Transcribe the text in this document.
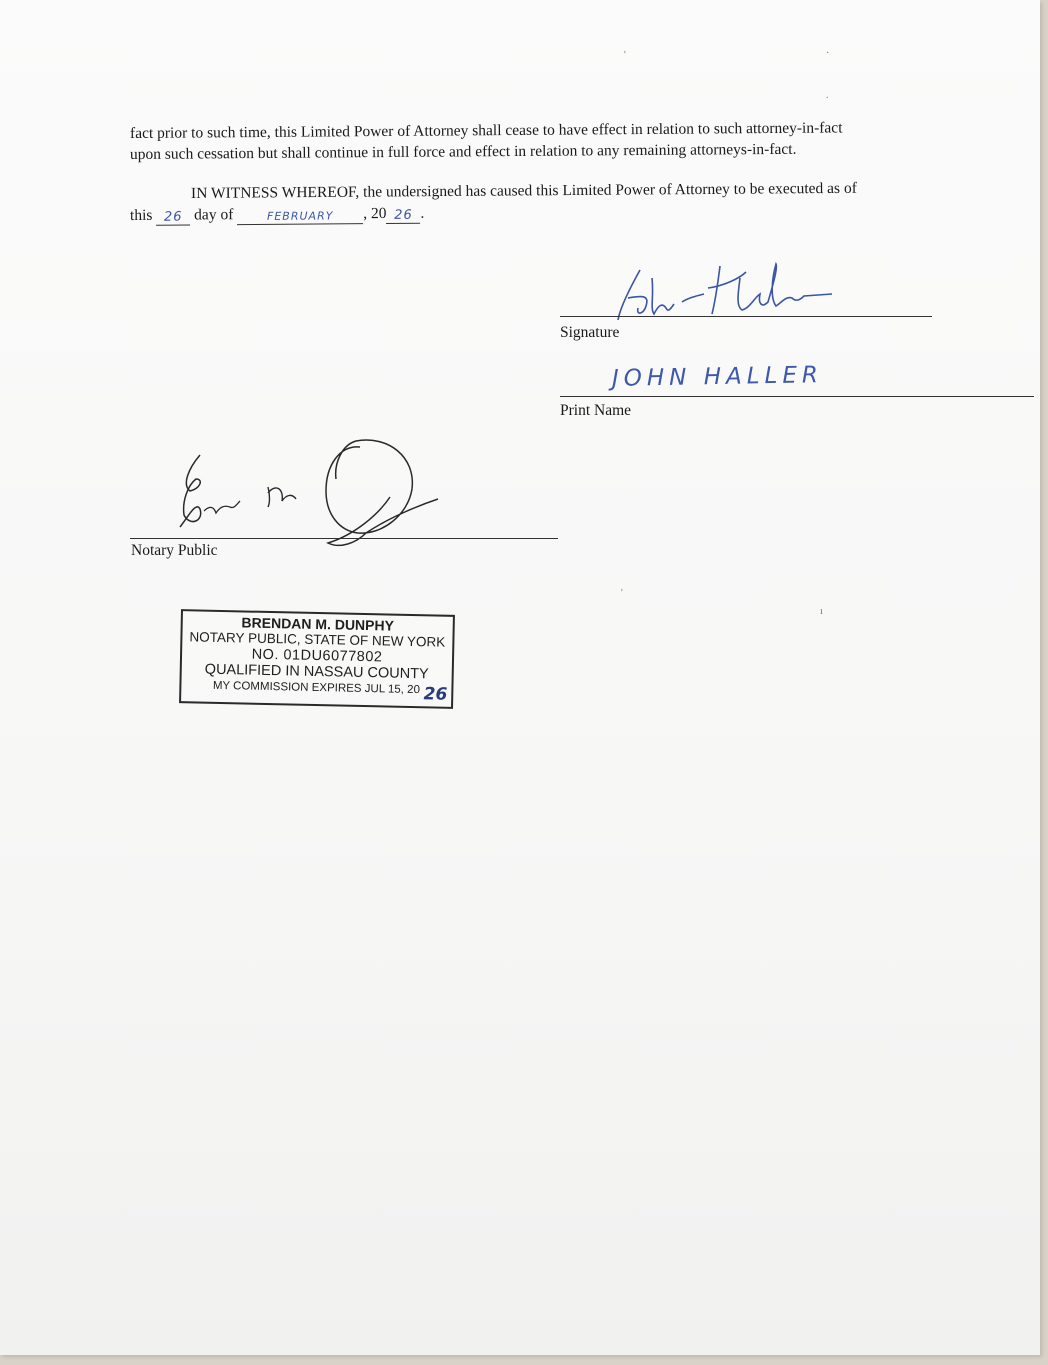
'	·
.
ı
'
fact prior to such time, this Limited Power of Attorney shall cease to have effect in relation to such attorney-in-fact
upon such cessation but shall continue in full force and effect in relation to any remaining attorneys-in-fact.
IN WITNESS WHEREOF, the undersigned has caused this Limited Power of Attorney to be executed as of
this 26 day of	FEBRUARY , 20 26 .
Signature
JOHN HALLER
Print Name
Notary Public
BRENDAN M. DUNPHY
NOTARY PUBLIC, STATE OF NEW YORK
NO. 01DU6077802
QUALIFIED IN NASSAU COUNTY
MY COMMISSION EXPIRES JUL 15, 20 26
